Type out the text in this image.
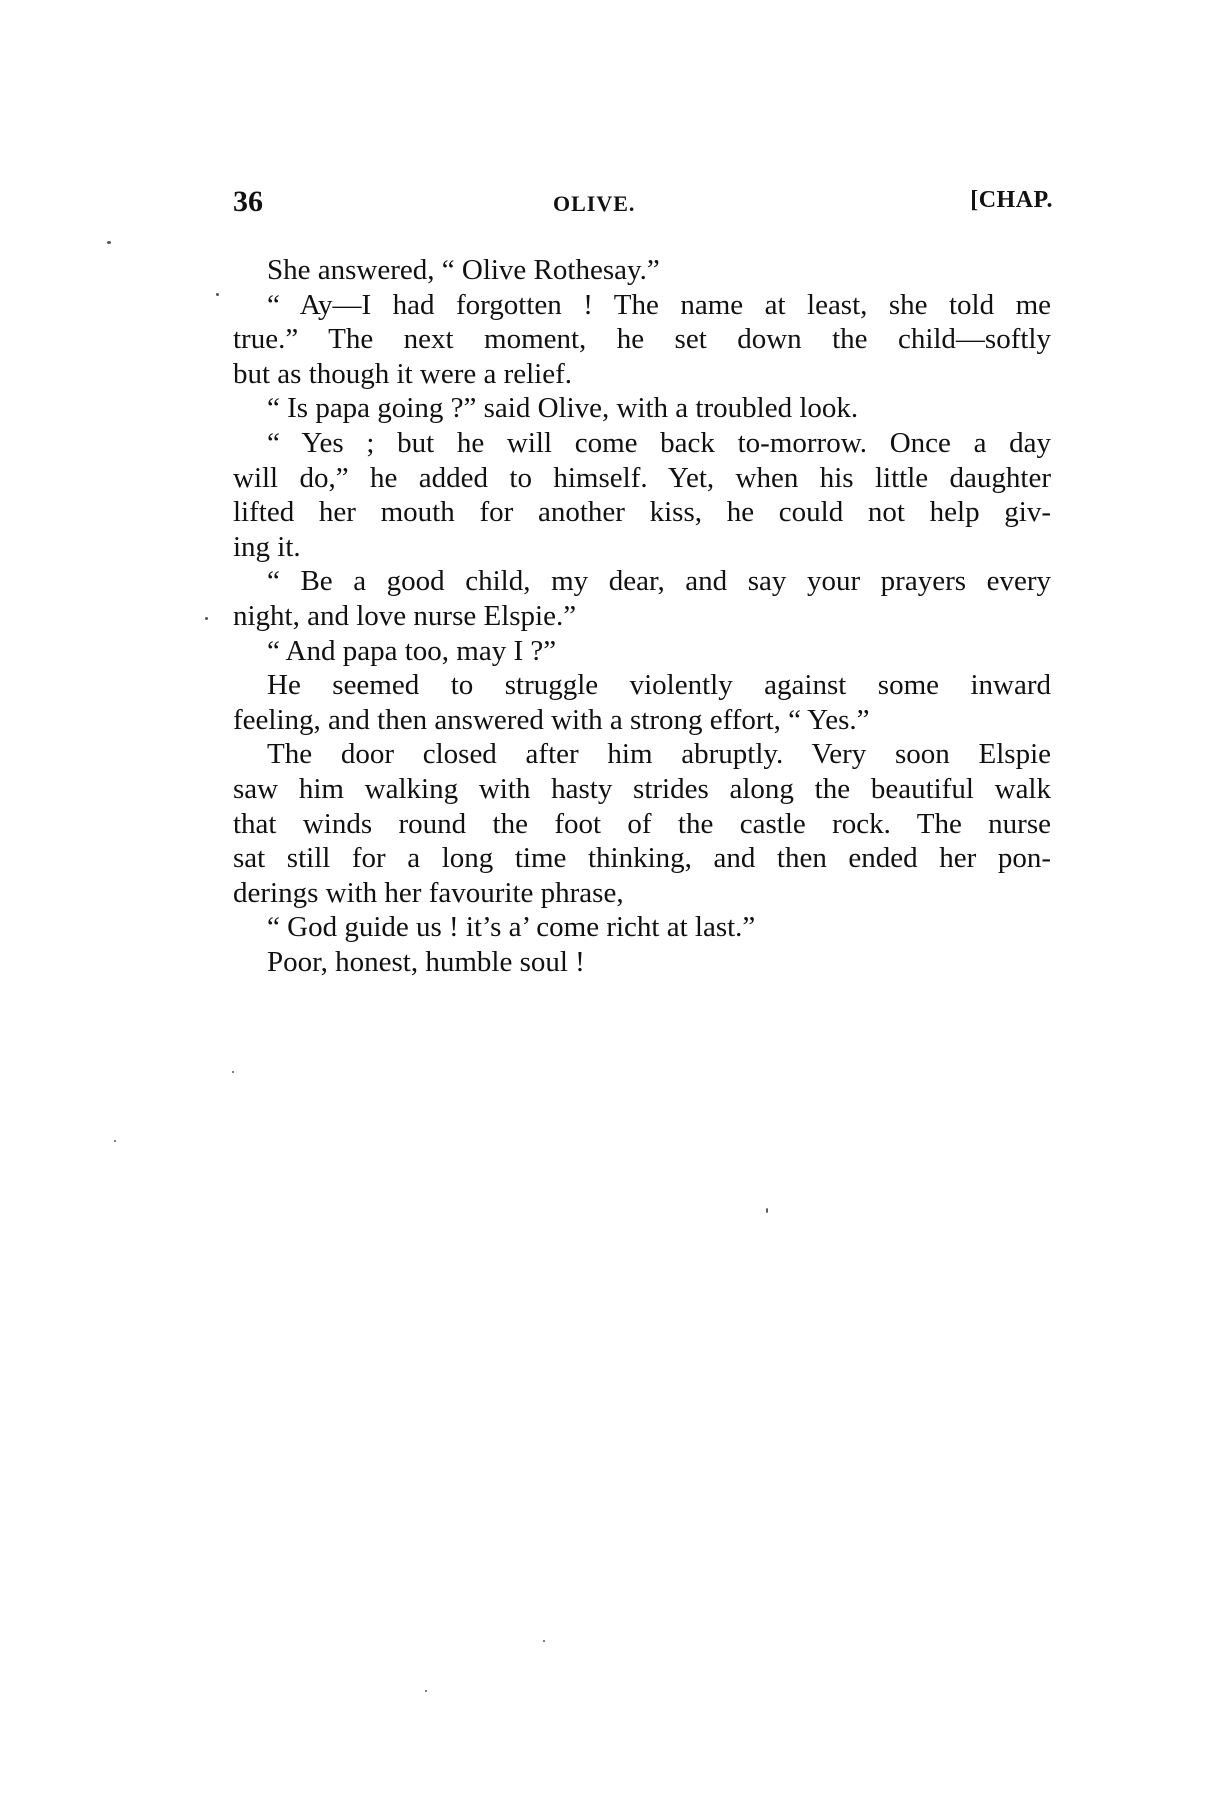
36	OLIVE.	[CHAP.
She answered, “ Olive Rothesay.”
“ Ay—I had forgotten ! The name at least, she told me
true.” The next moment, he set down the child—softly
but as though it were a relief.
“ Is papa going ?” said Olive, with a troubled look.
“ Yes ; but he will come back to-morrow. Once a day
will do,” he added to himself. Yet, when his little daughter
lifted her mouth for another kiss, he could not help giv-
ing it.
“ Be a good child, my dear, and say your prayers every
night, and love nurse Elspie.”
“ And papa too, may I ?”
He seemed to struggle violently against some inward
feeling, and then answered with a strong effort, “ Yes.”
The door closed after him abruptly. Very soon Elspie
saw him walking with hasty strides along the beautiful walk
that winds round the foot of the castle rock. The nurse
sat still for a long time thinking, and then ended her pon-
derings with her favourite phrase,
“ God guide us ! it’s a’ come richt at last.”
Poor, honest, humble soul !
